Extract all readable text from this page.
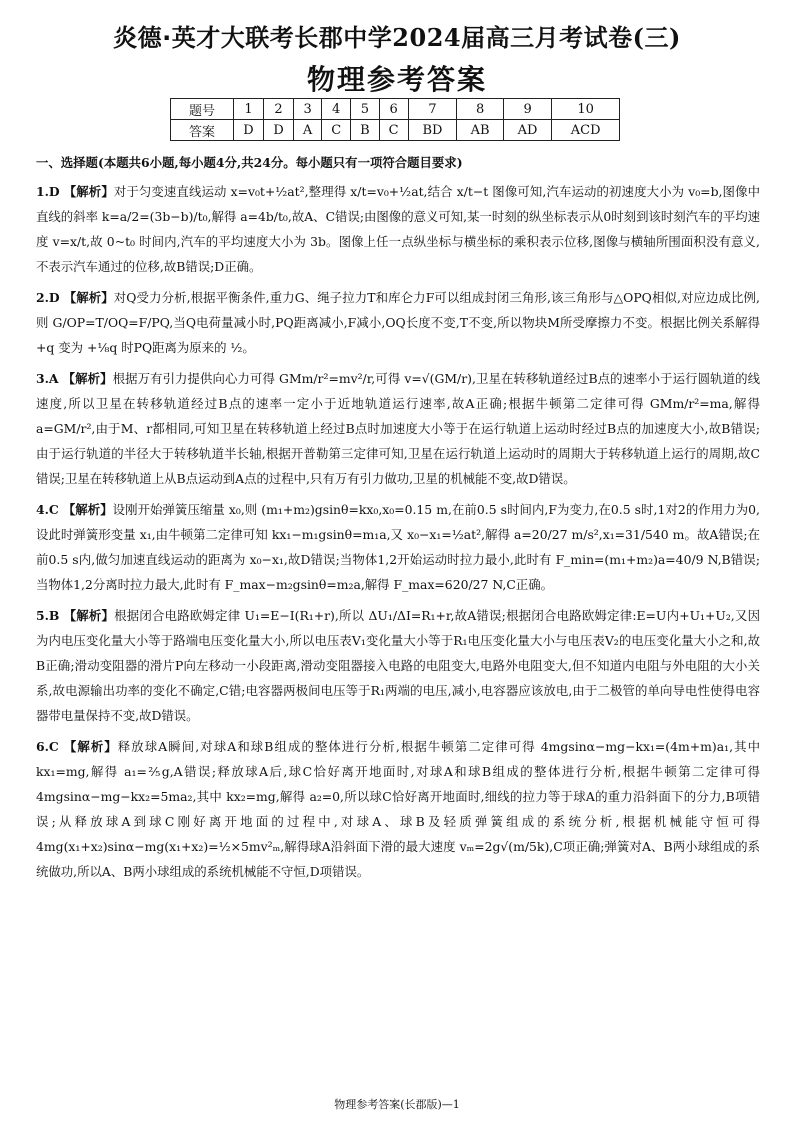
炎德·英才大联考长郡中学2024届高三月考试卷(三)
物理参考答案
题号	1	2	3	4	5	6	7	8	9	10
答案	D	D	A	C	B	C	BD	AB	AD	ACD
一、选择题(本题共6小题,每小题4分,共24分。每小题只有一项符合题目要求)
1.D 【解析】对于匀变速直线运动 x=v₀t+½at²,整理得 x/t=v₀+½at,结合 x/t−t 图像可知,汽车运动的初速度大小为 v₀=b,图像中直线的斜率 k=a/2=(3b−b)/t₀,解得 a=4b/t₀,故A、C错误;由图像的意义可知,某一时刻的纵坐标表示从0时刻到该时刻汽车的平均速度 v=x/t,故 0~t₀ 时间内,汽车的平均速度大小为 3b。图像上任一点纵坐标与横坐标的乘积表示位移,图像与横轴所围面积没有意义,不表示汽车通过的位移,故B错误;D正确。
2.D 【解析】对Q受力分析,根据平衡条件,重力G、绳子拉力T和库仑力F可以组成封闭三角形,该三角形与△OPQ相似,对应边成比例,则 G/OP=T/OQ=F/PQ,当Q电荷量减小时,PQ距离减小,F减小,OQ长度不变,T不变,所以物块M所受摩擦力不变。根据比例关系解得 +q 变为 +⅛q 时PQ距离为原来的 ½。
3.A 【解析】根据万有引力提供向心力可得 GMm/r²=mv²/r,可得 v=√(GM/r),卫星在转移轨道经过B点的速率小于运行圆轨道的线速度,所以卫星在转移轨道经过B点的速率一定小于近地轨道运行速率,故A正确;根据牛顿第二定律可得 GMm/r²=ma,解得 a=GM/r²,由于M、r都相同,可知卫星在转移轨道上经过B点时加速度大小等于在运行轨道上运动时经过B点的加速度大小,故B错误;由于运行轨道的半径大于转移轨道半长轴,根据开普勒第三定律可知,卫星在运行轨道上运动时的周期大于转移轨道上运行的周期,故C错误;卫星在转移轨道上从B点运动到A点的过程中,只有万有引力做功,卫星的机械能不变,故D错误。
4.C 【解析】设刚开始弹簧压缩量 x₀,则 (m₁+m₂)gsinθ=kx₀,x₀=0.15 m,在前0.5 s时间内,F为变力,在0.5 s时,1对2的作用力为0,设此时弹簧形变量 x₁,由牛顿第二定律可知 kx₁−m₁gsinθ=m₁a,又 x₀−x₁=½at²,解得 a=20/27 m/s²,x₁=31/540 m。故A错误;在前0.5 s内,做匀加速直线运动的距离为 x₀−x₁,故D错误;当物体1,2开始运动时拉力最小,此时有 F_min=(m₁+m₂)a=40/9 N,B错误;当物体1,2分离时拉力最大,此时有 F_max−m₂gsinθ=m₂a,解得 F_max=620/27 N,C正确。
5.B 【解析】根据闭合电路欧姆定律 U₁=E−I(R₁+r),所以 ΔU₁/ΔI=R₁+r,故A错误;根据闭合电路欧姆定律:E=U内+U₁+U₂,又因为内电压变化量大小等于路端电压变化量大小,所以电压表V₁变化量大小等于R₁电压变化量大小与电压表V₂的电压变化量大小之和,故B正确;滑动变阻器的滑片P向左移动一小段距离,滑动变阻器接入电路的电阻变大,电路外电阻变大,但不知道内电阻与外电阻的大小关系,故电源输出功率的变化不确定,C错;电容器两极间电压等于R₁两端的电压,减小,电容器应该放电,由于二极管的单向导电性使得电容器带电量保持不变,故D错误。
6.C 【解析】释放球A瞬间,对球A和球B组成的整体进行分析,根据牛顿第二定律可得 4mgsinα−mg−kx₁=(4m+m)a₁,其中 kx₁=mg,解得 a₁=⅖g,A错误;释放球A后,球C恰好离开地面时,对球A和球B组成的整体进行分析,根据牛顿第二定律可得 4mgsinα−mg−kx₂=5ma₂,其中 kx₂=mg,解得 a₂=0,所以球C恰好离开地面时,细线的拉力等于球A的重力沿斜面下的分力,B项错误;从释放球A到球C刚好离开地面的过程中,对球A、球B及轻质弹簧组成的系统分析,根据机械能守恒可得 4mg(x₁+x₂)sinα−mg(x₁+x₂)=½×5mv²ₘ,解得球A沿斜面下滑的最大速度 vₘ=2g√(m/5k),C项正确;弹簧对A、B两小球组成的系统做功,所以A、B两小球组成的系统机械能不守恒,D项错误。
物理参考答案(长郡版)—1
